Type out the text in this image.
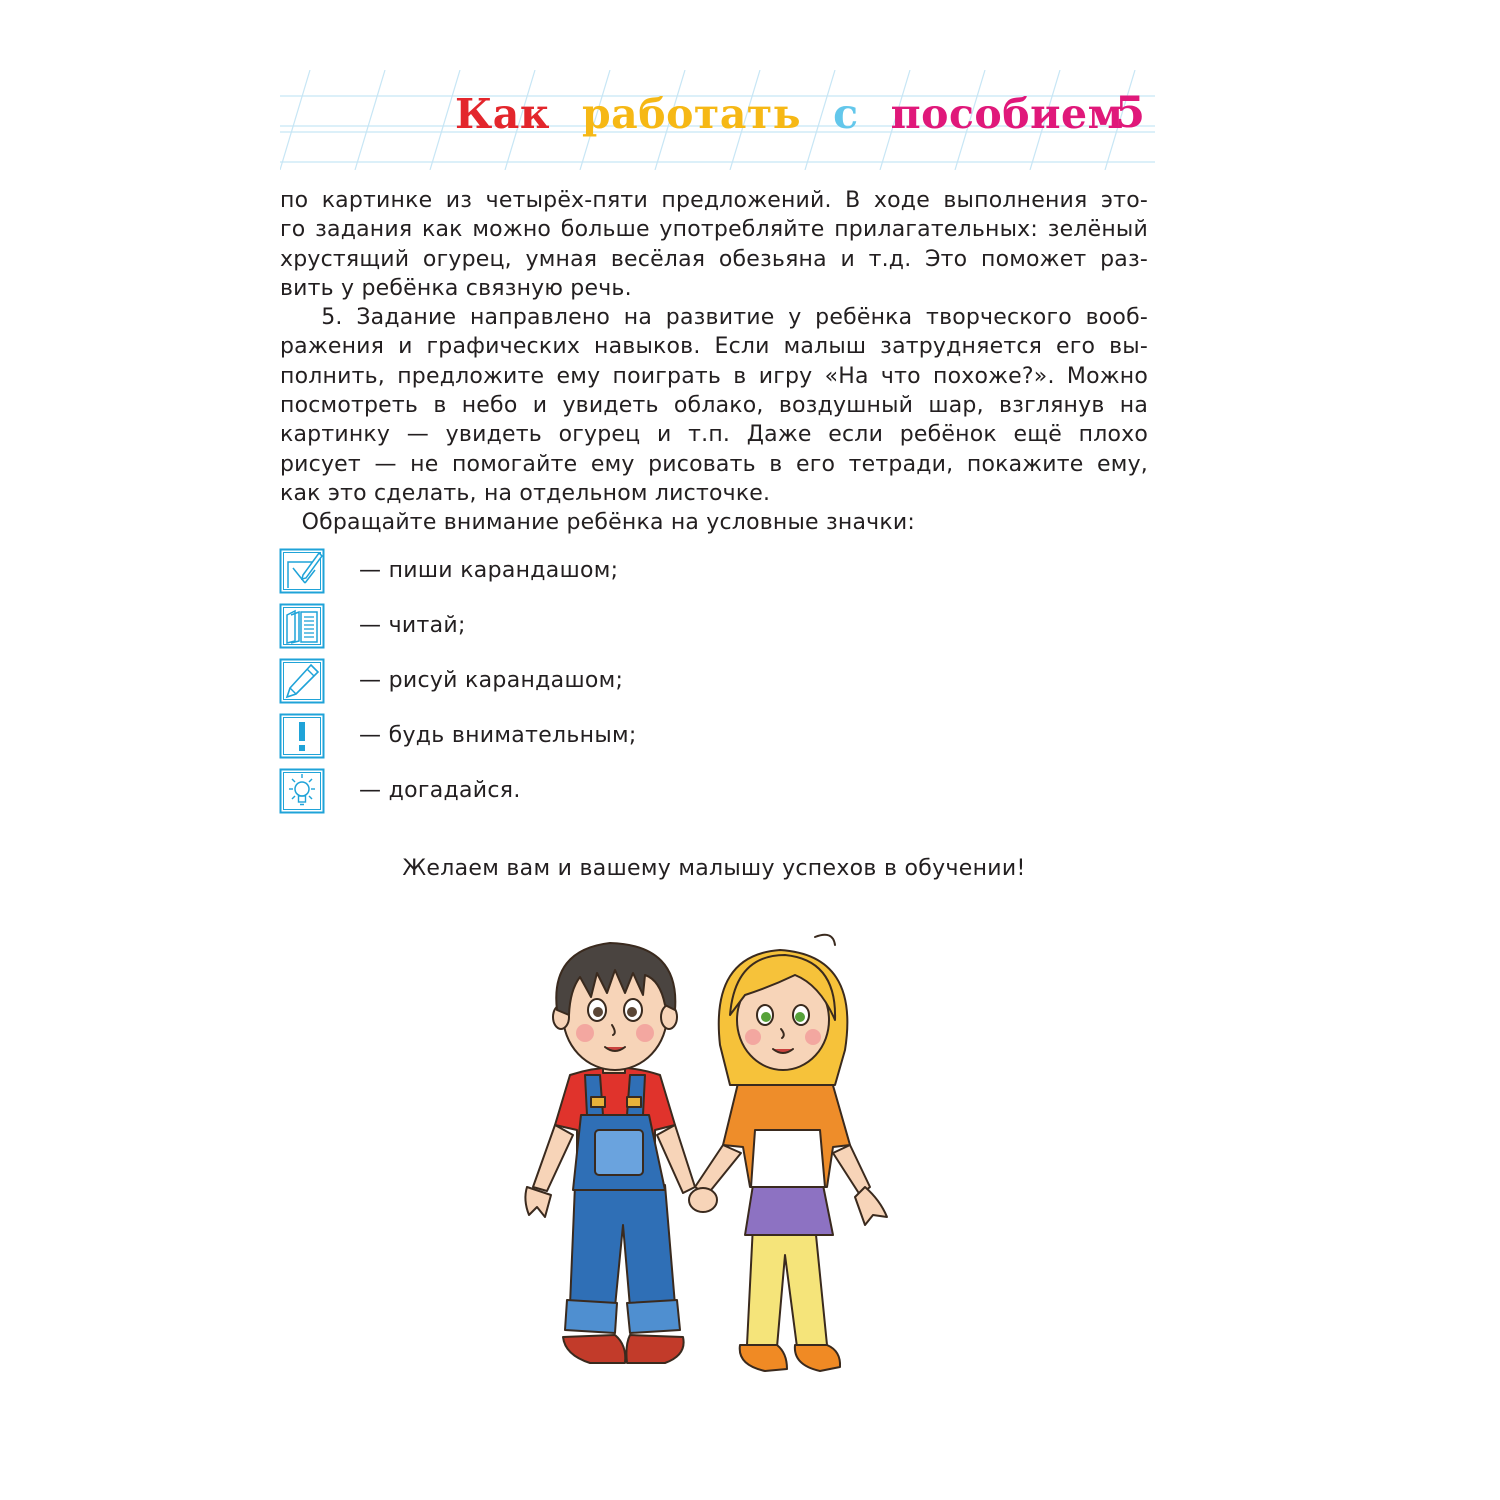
Как работать с пособием
5
по картинке из четырёх-пяти предложений. В ходе выполнения это-
го задания как можно больше употребляйте прилагательных: зелёный
хрустящий огурец, умная весёлая обезьяна и т.д. Это поможет раз-
вить у ребёнка связную речь.
5. Задание направлено на развитие у ребёнка творческого вооб-
ражения и графических навыков. Если малыш затрудняется его вы-
полнить, предложите ему поиграть в игру «На что похоже?». Можно
посмотреть в небо и увидеть облако, воздушный шар, взглянув на
картинку — увидеть огурец и т.п. Даже если ребёнок ещё плохо
рисует — не помогайте ему рисовать в его тетради, покажите ему,
как это сделать, на отдельном листочке.
Обращайте внимание ребёнка на условные значки:
— пиши карандашом;
— читай;
— рисуй карандашом;
— будь внимательным;
— догадайся.
Желаем вам и вашему малышу успехов в обучении!
